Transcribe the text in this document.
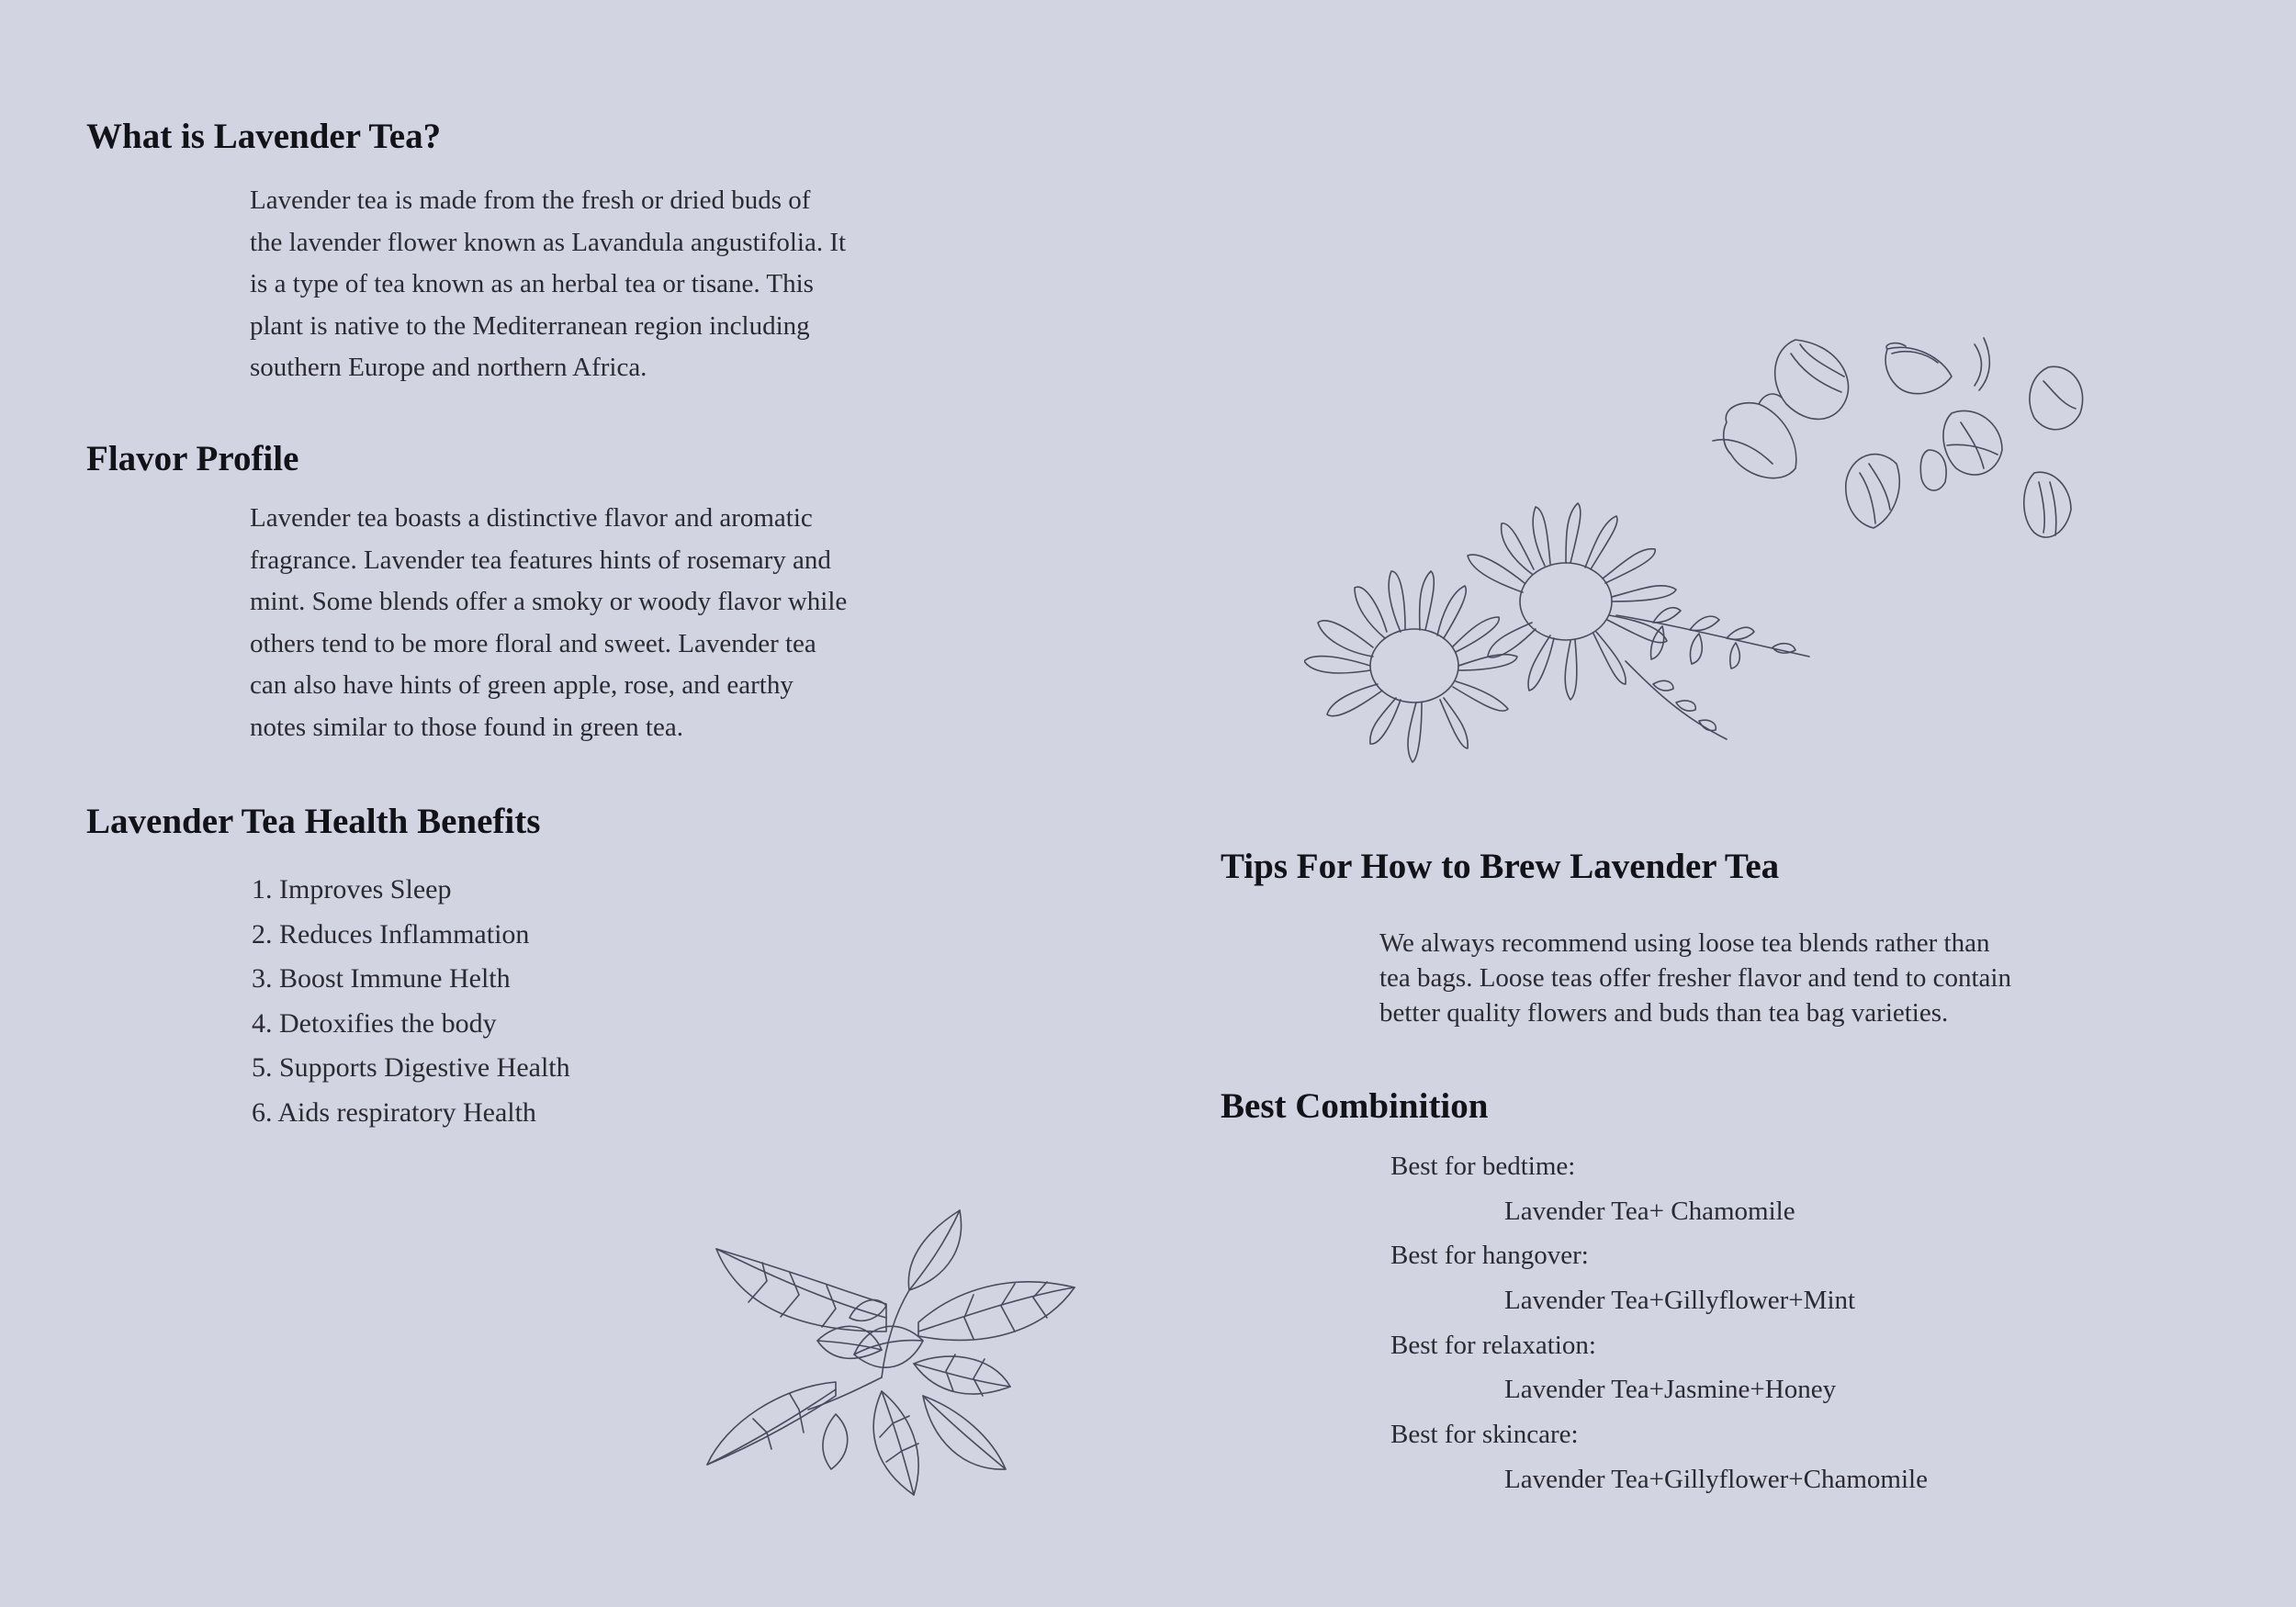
What is Lavender Tea?
Lavender tea is made from the fresh or dried buds of
the lavender flower known as Lavandula angustifolia. It
is a type of tea known as an herbal tea or tisane. This
plant is native to the Mediterranean region including
southern Europe and northern Africa.
Flavor Profile
Lavender tea boasts a distinctive flavor and aromatic
fragrance. Lavender tea features hints of rosemary and
mint. Some blends offer a smoky or woody flavor while
others tend to be more floral and sweet. Lavender tea
can also have hints of green apple, rose, and earthy
notes similar to those found in green tea.
Lavender Tea Health Benefits
1. Improves Sleep
2. Reduces Inflammation
3. Boost Immune Helth
4. Detoxifies the body
5. Supports Digestive Health
6. Aids respiratory Health
Tips For How to Brew Lavender Tea
We always recommend using loose tea blends rather than
tea bags. Loose teas offer fresher flavor and tend to contain
better quality flowers and buds than tea bag varieties.
Best Combinition
Best for bedtime:
Lavender Tea+ Chamomile
Best for hangover:
Lavender Tea+Gillyflower+Mint
Best for relaxation:
Lavender Tea+Jasmine+Honey
Best for skincare:
Lavender Tea+Gillyflower+Chamomile
